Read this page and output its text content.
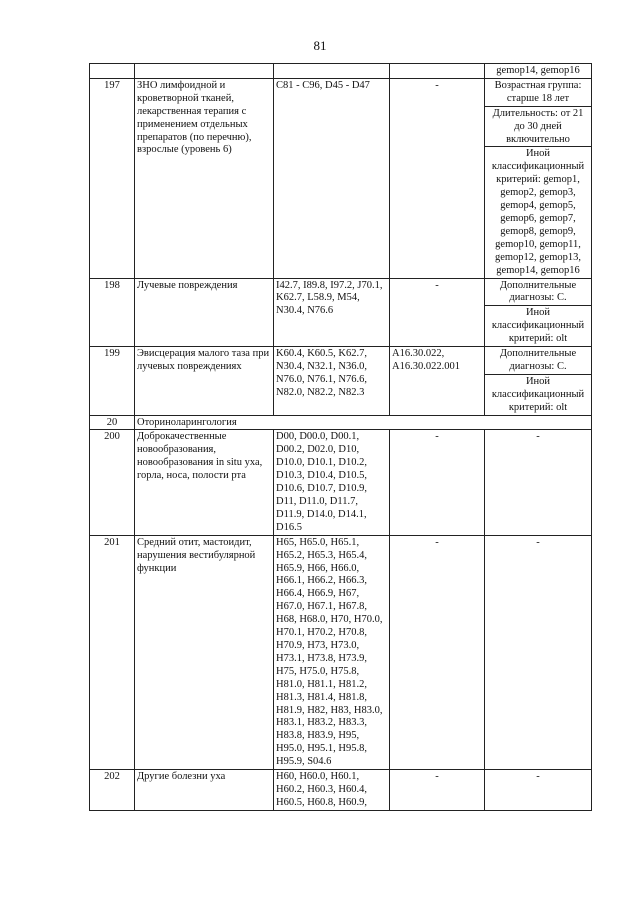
81
				gemop14, gemop16
197	ЗНО лимфоидной и кроветворной тканей, лекарственная терапия с применением отдельных препаратов (по перечню), взрослые (уровень 6)	C81 - C96, D45 - D47	-	Возрастная группа: старше 18 лет
				Длительность: от 21 до 30 дней включительно
				Иной классификационный критерий: gemop1, gemop2, gemop3, gemop4, gemop5, gemop6, gemop7, gemop8, gemop9, gemop10, gemop11, gemop12, gemop13, gemop14, gemop16
198	Лучевые повреждения	I42.7, I89.8, I97.2, J70.1, K62.7, L58.9, M54, N30.4, N76.6	-	Дополнительные диагнозы: C.
				Иной классификационный критерий: olt
199	Эвисцерация малого таза при лучевых повреждениях	K60.4, K60.5, K62.7, N30.4, N32.1, N36.0, N76.0, N76.1, N76.6, N82.0, N82.2, N82.3	A16.30.022, A16.30.022.001	Дополнительные диагнозы: C.
				Иной классификационный критерий: olt
20	Оториноларингология			
200	Доброкачественные новообразования, новообразования in situ уха, горла, носа, полости рта	D00, D00.0, D00.1, D00.2, D02.0, D10, D10.0, D10.1, D10.2, D10.3, D10.4, D10.5, D10.6, D10.7, D10.9, D11, D11.0, D11.7, D11.9, D14.0, D14.1, D16.5	-	-
201	Средний отит, мастоидит, нарушения вестибулярной функции	H65, H65.0, H65.1, H65.2, H65.3, H65.4, H65.9, H66, H66.0, H66.1, H66.2, H66.3, H66.4, H66.9, H67, H67.0, H67.1, H67.8, H68, H68.0, H70, H70.0, H70.1, H70.2, H70.8, H70.9, H73, H73.0, H73.1, H73.8, H73.9, H75, H75.0, H75.8, H81.0, H81.1, H81.2, H81.3, H81.4, H81.8, H81.9, H82, H83, H83.0, H83.1, H83.2, H83.3, H83.8, H83.9, H95, H95.0, H95.1, H95.8, H95.9, S04.6	-	-
202	Другие болезни уха	H60, H60.0, H60.1, H60.2, H60.3, H60.4, H60.5, H60.8, H60.9,	-	-
